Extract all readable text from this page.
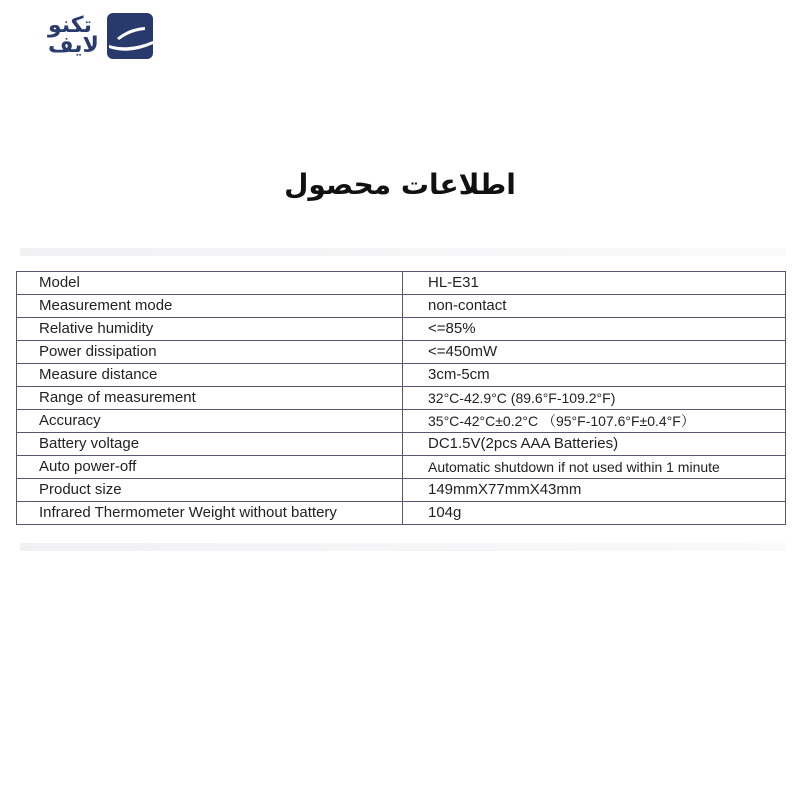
تکنو
لایف
اطلاعات محصول
Model	HL-E31
Measurement mode	non-contact
Relative humidity	<=85%
Power dissipation	<=450mW
Measure distance	3cm-5cm
Range of measurement	32°C-42.9°C (89.6°F-109.2°F)
Accuracy	35°C-42°C±0.2°C （95°F-107.6°F±0.4°F）
Battery voltage	DC1.5V(2pcs AAA Batteries)
Auto power-off	Automatic shutdown if not used within 1 minute
Product size	149mmX77mmX43mm
Infrared Thermometer Weight without battery	104g
